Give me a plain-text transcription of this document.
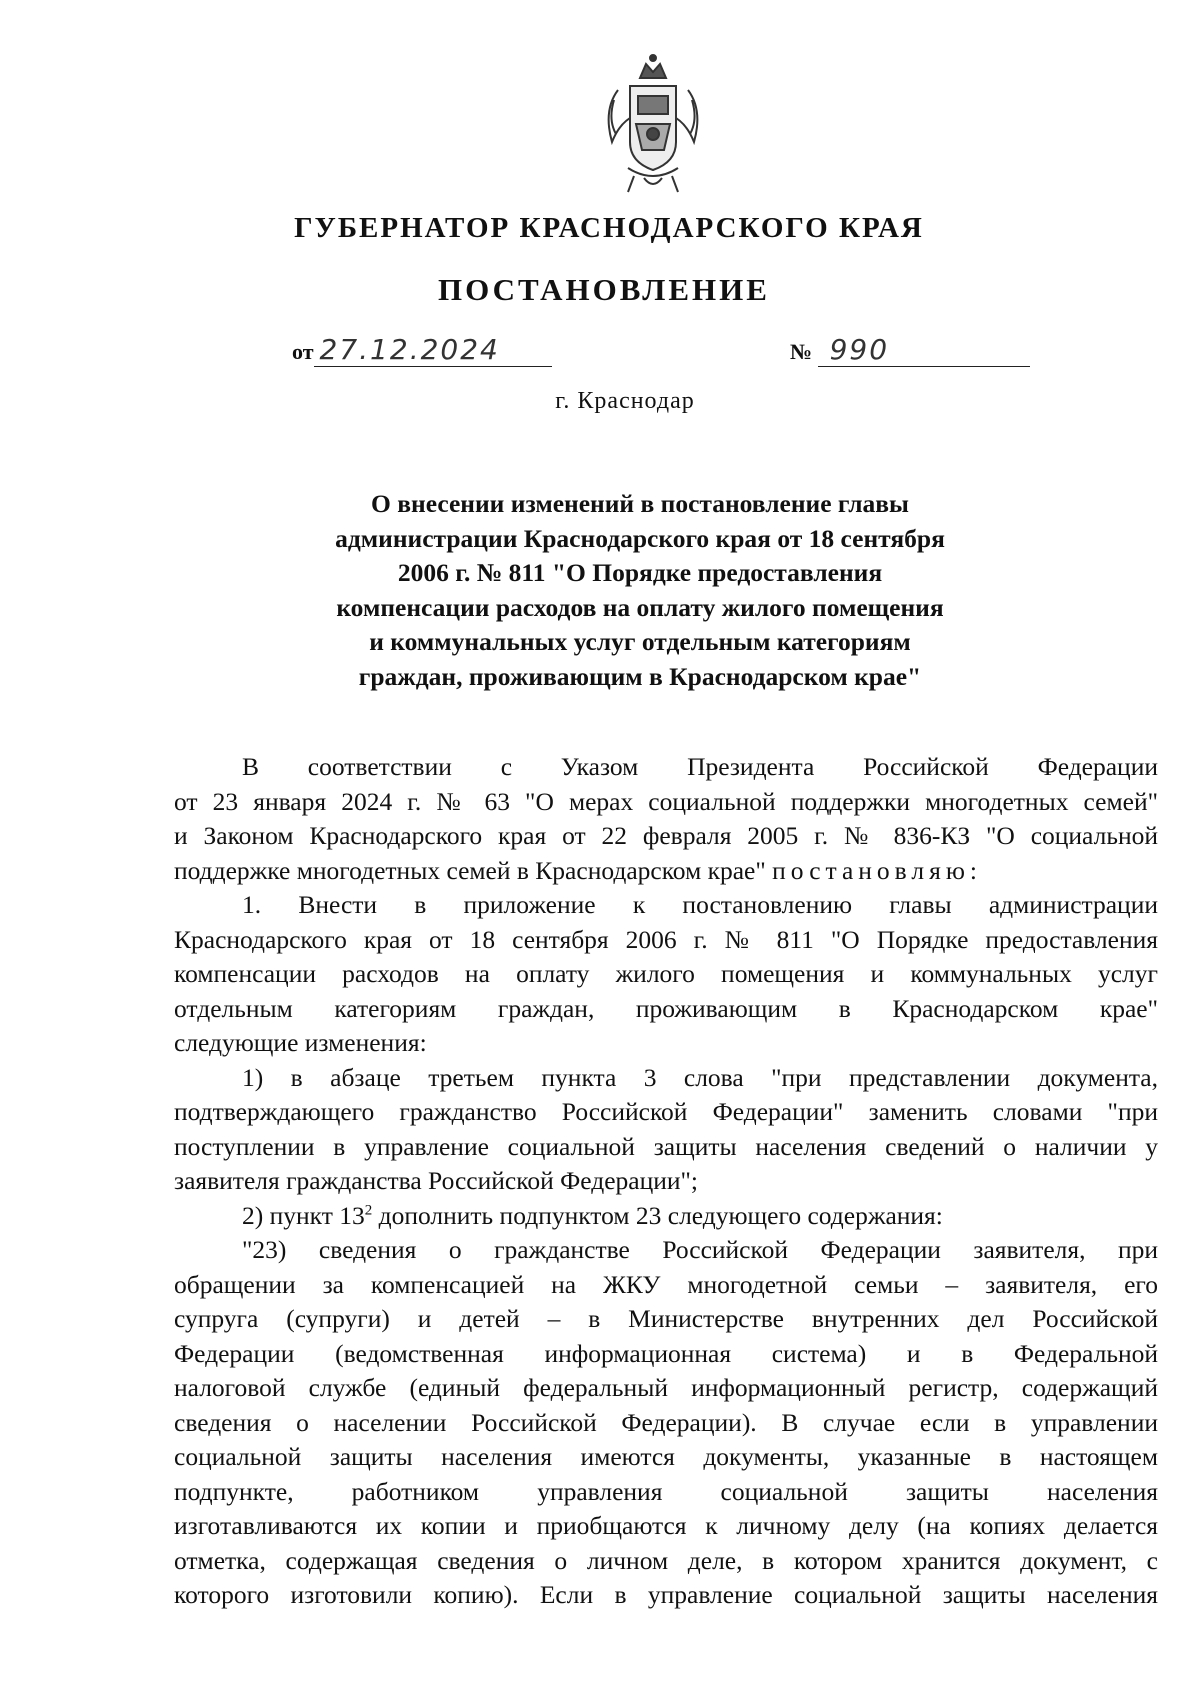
ГУБЕРНАТОР КРАСНОДАРСКОГО КРАЯ
ПОСТАНОВЛЕНИЕ
от 27.12.2024	№ 990
г. Краснодар
О внесении изменений в постановление главы
администрации Краснодарского края от 18 сентября
2006 г. № 811 "О Порядке предоставления
компенсации расходов на оплату жилого помещения
и коммунальных услуг отдельным категориям
граждан, проживающим в Краснодарском крае"
В соответствии с Указом Президента Российской Федерации
от 23 января 2024 г. № 63 "О мерах социальной поддержки многодетных семей"
и Законом Краснодарского края от 22 февраля 2005 г. № 836-КЗ "О социальной
поддержке многодетных семей в Краснодарском крае" постановляю:
1. Внести в приложение к постановлению главы администрации
Краснодарского края от 18 сентября 2006 г. № 811 "О Порядке предоставления
компенсации расходов на оплату жилого помещения и коммунальных услуг
отдельным категориям граждан, проживающим в Краснодарском крае"
следующие изменения:
1) в абзаце третьем пункта 3 слова "при представлении документа,
подтверждающего гражданство Российской Федерации" заменить словами "при
поступлении в управление социальной защиты населения сведений о наличии у
заявителя гражданства Российской Федерации";
2) пункт $13^2$ дополнить подпунктом 23 следующего содержания:
"23) сведения о гражданстве Российской Федерации заявителя, при
обращении за компенсацией на ЖКУ многодетной семьи – заявителя, его
супруга (супруги) и детей – в Министерстве внутренних дел Российской
Федерации (ведомственная информационная система) и в Федеральной
налоговой службе (единый федеральный информационный регистр, содержащий
сведения о населении Российской Федерации). В случае если в управлении
социальной защиты населения имеются документы, указанные в настоящем
подпункте, работником управления социальной защиты населения
изготавливаются их копии и приобщаются к личному делу (на копиях делается
отметка, содержащая сведения о личном деле, в котором хранится документ, с
которого изготовили копию). Если в управление социальной защиты населения
